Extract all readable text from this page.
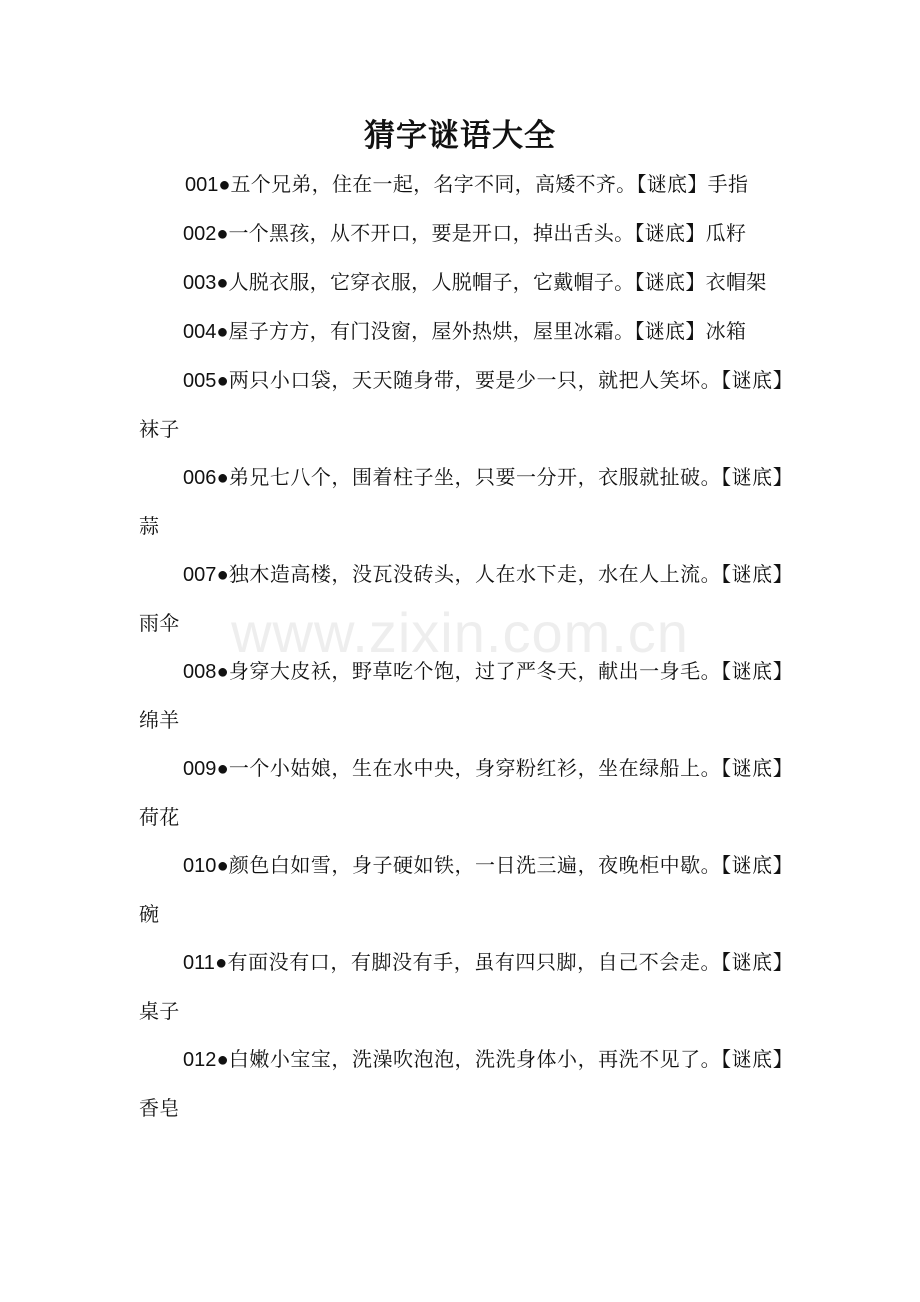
猜字谜语大全

001●五个兄弟，住在一起，名字不同，高矮不齐。【谜底】手指

002●一个黑孩，从不开口，要是开口，掉出舌头。【谜底】瓜籽

003●人脱衣服，它穿衣服，人脱帽子，它戴帽子。【谜底】衣帽架

004●屋子方方，有门没窗，屋外热烘，屋里冰霜。【谜底】冰箱

005●两只小口袋，天天随身带，要是少一只，就把人笑坏。【谜底】袜子

006●弟兄七八个，围着柱子坐，只要一分开，衣服就扯破。【谜底】蒜

007●独木造高楼，没瓦没砖头，人在水下走，水在人上流。【谜底】雨伞

008●身穿大皮袄，野草吃个饱，过了严冬天，献出一身毛。【谜底】绵羊

009●一个小姑娘，生在水中央，身穿粉红衫，坐在绿船上。【谜底】荷花

010●颜色白如雪，身子硬如铁，一日洗三遍，夜晚柜中歇。【谜底】碗

011●有面没有口，有脚没有手，虽有四只脚，自己不会走。【谜底】桌子

012●白嫩小宝宝，洗澡吹泡泡，洗洗身体小，再洗不见了。【谜底】香皂

www.zixin.com.cn
